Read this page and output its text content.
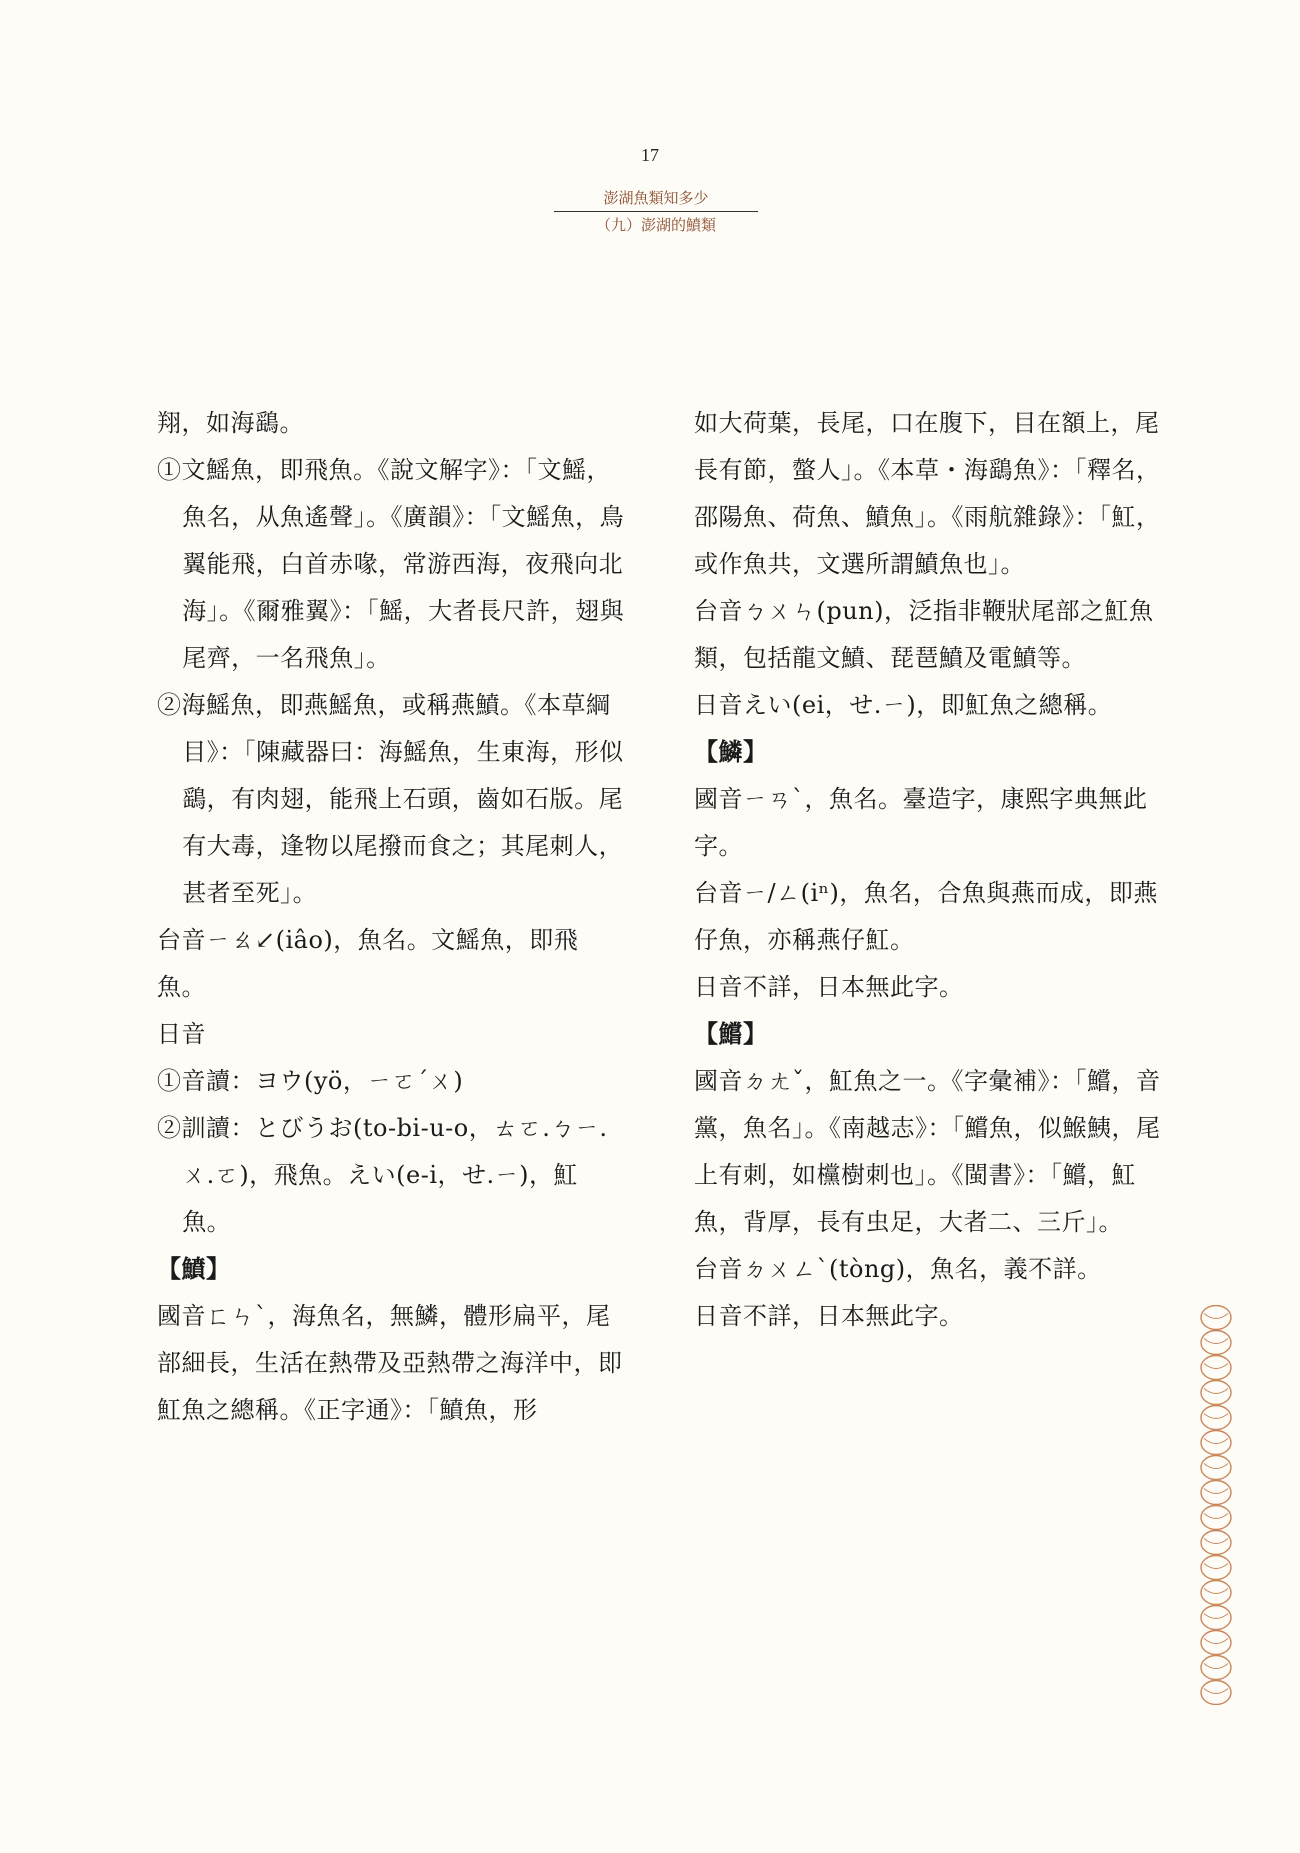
17
澎湖魚類知多少
（九）澎湖的鱝類

翔，如海鷂。

①文鰩魚，即飛魚。《說文解字》：「文鰩，魚名，从魚遙聲」。《廣韻》：「文鰩魚，鳥翼能飛，白首赤喙，常游西海，夜飛向北海」。《爾雅翼》：「鰩，大者長尺許，翅與尾齊，一名飛魚」。

②海鰩魚，即燕鰩魚，或稱燕鱝。《本草綱目》：「陳藏器曰：海鰩魚，生東海，形似鷂，有肉翅，能飛上石頭，齒如石版。尾有大毒，逢物以尾撥而食之；其尾刺人，甚者至死」。

台音ㄧㄠ↙(iâo)，魚名。文鰩魚，即飛魚。

日音

①音讀：ヨウ(yö，ㄧㄛˊㄨ)

②訓讀：とびうお(to-bi-u-o，ㄊㄛ.ㄅㄧ.ㄨ.ㄛ)，飛魚。えい(e-i，せ.ㄧ)，魟魚。

【鱝】

國音ㄈㄣˋ，海魚名，無鱗，體形扁平，尾部細長，生活在熱帶及亞熱帶之海洋中，即魟魚之總稱。《正字通》：「鱝魚，形

如大荷葉，長尾，口在腹下，目在額上，尾長有節，螫人」。《本草・海鷂魚》：「釋名，邵陽魚、荷魚、鱝魚」。《雨航雜錄》：「魟，或作魚共，文選所謂鱝魚也」。

台音ㄅㄨㄣ(pun)，泛指非鞭狀尾部之魟魚類，包括龍文鱝、琵琶鱝及電鱝等。

日音えい(ei，せ.ㄧ)，即魟魚之總稱。

【鱗】

國音ㄧㄢˋ，魚名。臺造字，康熙字典無此字。

台音ㄧ/ㄥ(iⁿ)，魚名，合魚與燕而成，即燕仔魚，亦稱燕仔魟。

日音不詳，日本無此字。

【鱨】

國音ㄉㄤˇ，魟魚之一。《字彙補》：「鱨，音黨，魚名」。《南越志》：「鱨魚，似鯸鮧，尾上有刺，如欓樹刺也」。《閩書》：「鱨，魟魚，背厚，長有虫足，大者二、三斤」。

台音ㄉㄨㄥˋ(tòng)，魚名，義不詳。

日音不詳，日本無此字。
